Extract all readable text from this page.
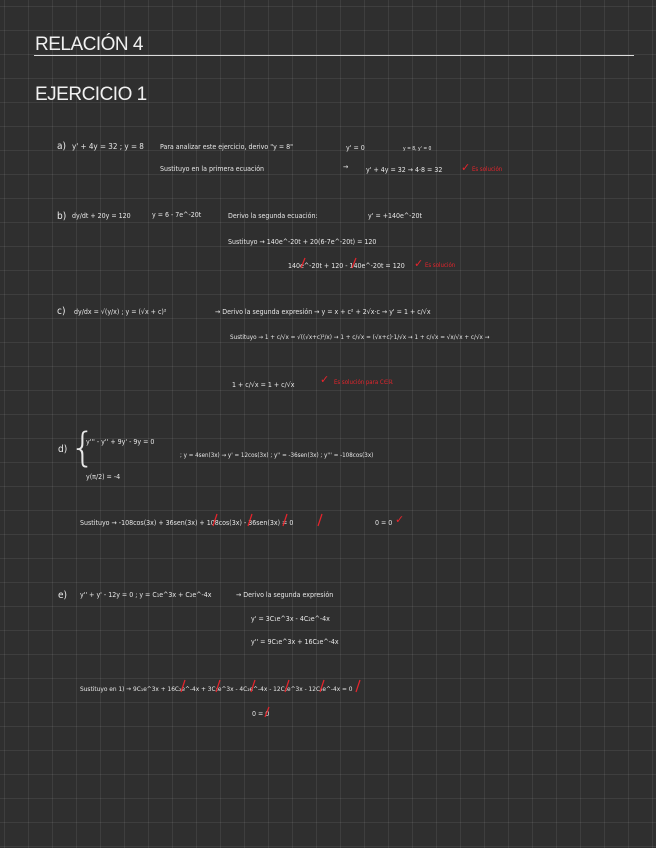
RELACIÓN 4
EJERCICIO 1
a) y' + 4y = 32 ; y = 8 Para analizar este ejercicio, derivo "y = 8"	y' = 0	y = 8, y' = 0
Sustituyo en la primera ecuación	→	y' + 4y = 32 → 4·8 = 32 ✓ Es solución
b) dy/dt + 20y = 120	y = 6 - 7e^-20t	Derivo la segunda ecuación:	y' = +140e^-20t
Sustituyo → 140e^-20t + 20(6-7e^-20t) = 120
140e^-20t + 120 - 140e^-20t = 120 ✓ Es solución
c) dy/dx = √(y/x) ; y = (√x + c)²	→ Derivo la segunda expresión → y = x + c² + 2√x·c → y' = 1 + c/√x
Sustituyo → 1 + c/√x = √((√x+c)²/x) → 1 + c/√x = (√x+c)·1/√x → 1 + c/√x = √x/√x + c/√x →
1 + c/√x = 1 + c/√x ✓ Es solución para C∈ℝ
d) {
y''' - y'' + 9y' - 9y = 0
y(π/2) = -4
; y = 4sen(3x) → y' = 12cos(3x) ; y'' = -36sen(3x) ; y''' = -108cos(3x)
Sustituyo → -108cos(3x) + 36sen(3x) + 108cos(3x) - 36sen(3x) = 0	0 = 0 ✓
e) y'' + y' - 12y = 0 ; y = C₁e^3x + C₂e^-4x	→ Derivo la segunda expresión
y' = 3C₁e^3x - 4C₂e^-4x
y'' = 9C₁e^3x + 16C₂e^-4x
Sustituyo en 1) → 9C₁e^3x + 16C₂e^-4x + 3C₁e^3x - 4C₂e^-4x - 12C₁e^3x - 12C₂e^-4x = 0
0 = 0
